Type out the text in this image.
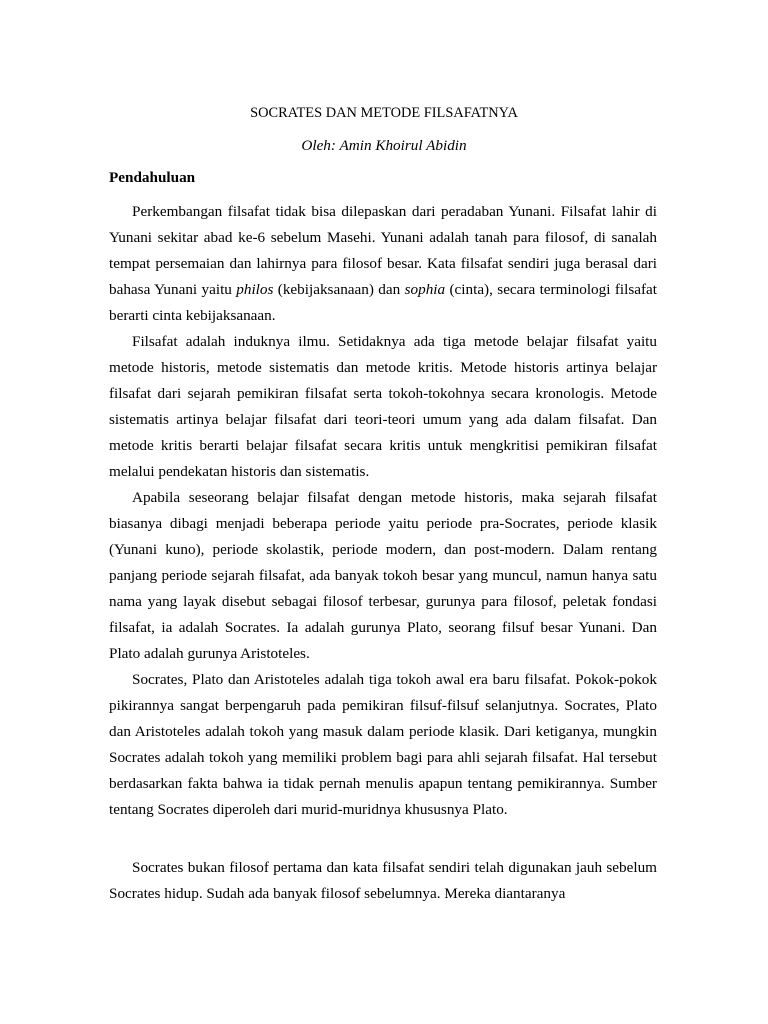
SOCRATES DAN METODE FILSAFATNYA
Oleh: Amin Khoirul Abidin
Pendahuluan

Perkembangan filsafat tidak bisa dilepaskan dari peradaban Yunani. Filsafat lahir di Yunani sekitar abad ke-6 sebelum Masehi. Yunani adalah tanah para filosof, di sanalah tempat persemaian dan lahirnya para filosof besar. Kata filsafat sendiri juga berasal dari bahasa Yunani yaitu philos (kebijaksanaan) dan sophia (cinta), secara terminologi filsafat berarti cinta kebijaksanaan.

Filsafat adalah induknya ilmu. Setidaknya ada tiga metode belajar filsafat yaitu metode historis, metode sistematis dan metode kritis. Metode historis artinya belajar filsafat dari sejarah pemikiran filsafat serta tokoh-tokohnya secara kronologis. Metode sistematis artinya belajar filsafat dari teori-teori umum yang ada dalam filsafat. Dan metode kritis berarti belajar filsafat secara kritis untuk mengkritisi pemikiran filsafat melalui pendekatan historis dan sistematis.

Apabila seseorang belajar filsafat dengan metode historis, maka sejarah filsafat biasanya dibagi menjadi beberapa periode yaitu periode pra-Socrates, periode klasik (Yunani kuno), periode skolastik, periode modern, dan post-modern. Dalam rentang panjang periode sejarah filsafat, ada banyak tokoh besar yang muncul, namun hanya satu nama yang layak disebut sebagai filosof terbesar, gurunya para filosof, peletak fondasi filsafat, ia adalah Socrates. Ia adalah gurunya Plato, seorang filsuf besar Yunani. Dan Plato adalah gurunya Aristoteles.

Socrates, Plato dan Aristoteles adalah tiga tokoh awal era baru filsafat. Pokok-pokok pikirannya sangat berpengaruh pada pemikiran filsuf-filsuf selanjutnya. Socrates, Plato dan Aristoteles adalah tokoh yang masuk dalam periode klasik. Dari ketiganya, mungkin Socrates adalah tokoh yang memiliki problem bagi para ahli sejarah filsafat. Hal tersebut berdasarkan fakta bahwa ia tidak pernah menulis apapun tentang pemikirannya. Sumber tentang Socrates diperoleh dari murid-muridnya khususnya Plato.

Socrates bukan filosof pertama dan kata filsafat sendiri telah digunakan jauh sebelum Socrates hidup. Sudah ada banyak filosof sebelumnya. Mereka diantaranya
